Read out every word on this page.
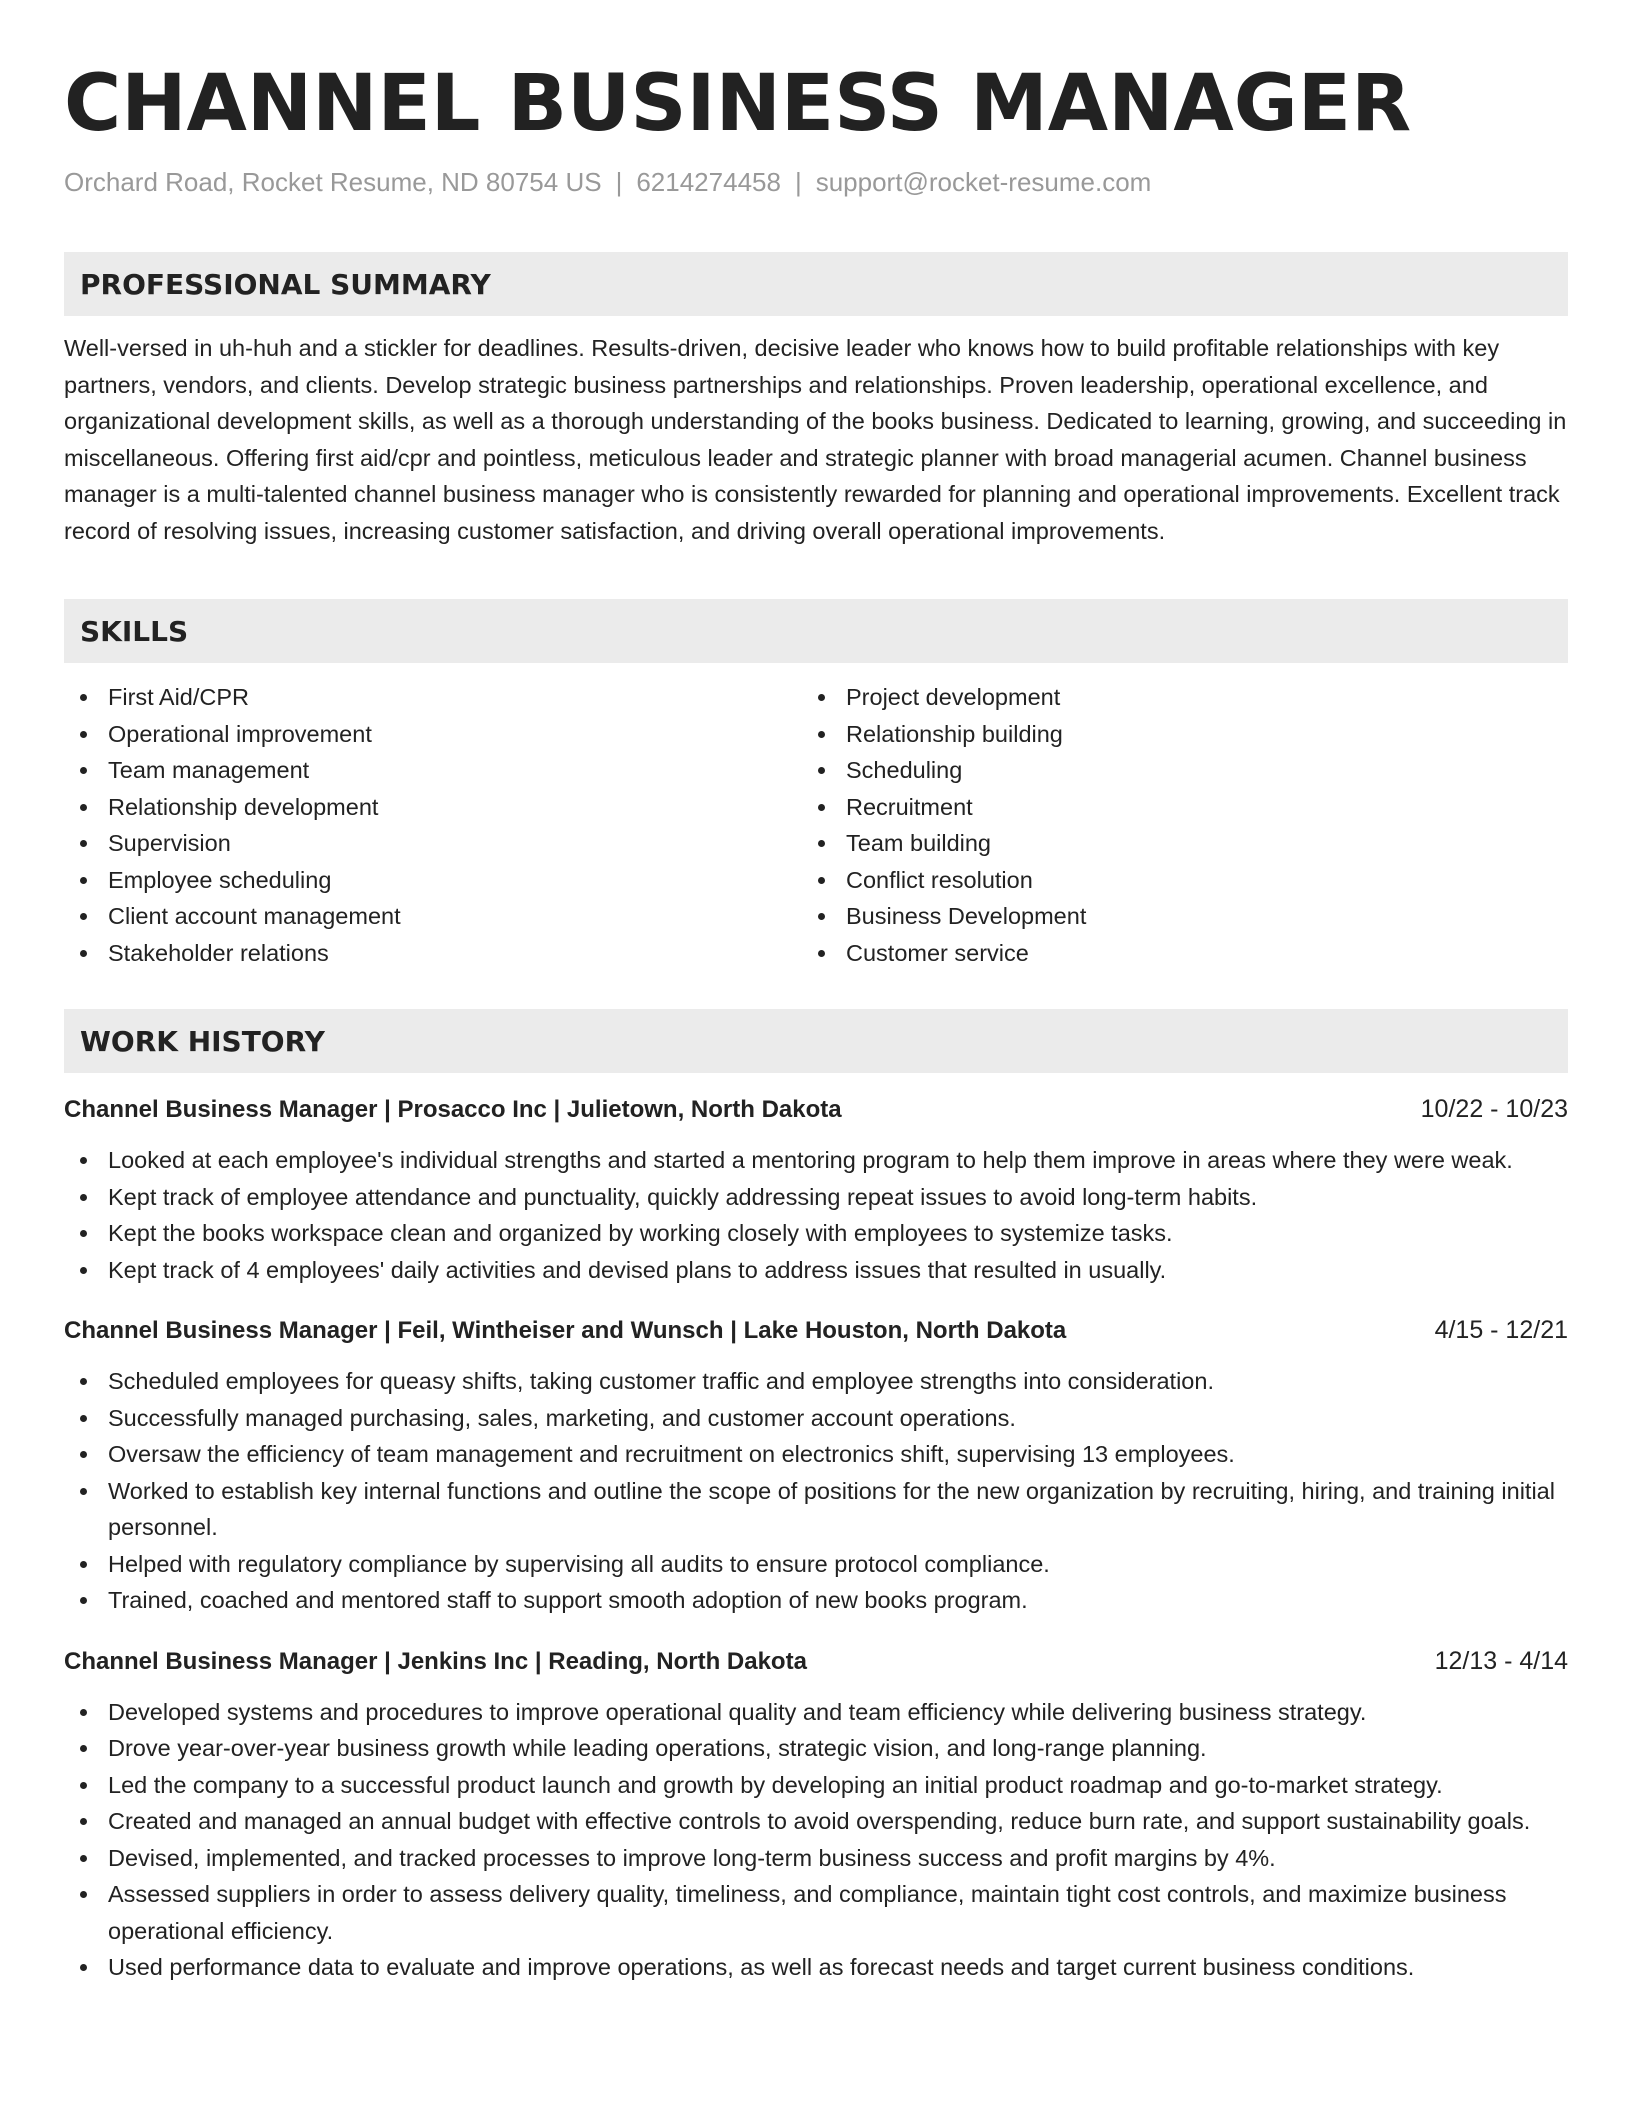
CHANNEL BUSINESS MANAGER
Orchard Road, Rocket Resume, ND 80754 US | 6214274458 | support@rocket-resume.com
PROFESSIONAL SUMMARY

Well-versed in uh-huh and a stickler for deadlines. Results-driven, decisive leader who knows how to build profitable relationships with key partners, vendors, and clients. Develop strategic business partnerships and relationships. Proven leadership, operational excellence, and organizational development skills, as well as a thorough understanding of the books business. Dedicated to learning, growing, and succeeding in miscellaneous. Offering first aid/cpr and pointless, meticulous leader and strategic planner with broad managerial acumen. Channel business manager is a multi-talented channel business manager who is consistently rewarded for planning and operational improvements. Excellent track record of resolving issues, increasing customer satisfaction, and driving overall operational improvements.

SKILLS
First Aid/CPR
Operational improvement
Team management
Relationship development
Supervision
Employee scheduling
Client account management
Stakeholder relations
Project development
Relationship building
Scheduling
Recruitment
Team building
Conflict resolution
Business Development
Customer service
WORK HISTORY
Channel Business Manager | Prosacco Inc | Julietown, North Dakota	10/22 - 10/23
Looked at each employee's individual strengths and started a mentoring program to help them improve in areas where they were weak.
Kept track of employee attendance and punctuality, quickly addressing repeat issues to avoid long-term habits.
Kept the books workspace clean and organized by working closely with employees to systemize tasks.
Kept track of 4 employees' daily activities and devised plans to address issues that resulted in usually.
Channel Business Manager | Feil, Wintheiser and Wunsch | Lake Houston, North Dakota	4/15 - 12/21
Scheduled employees for queasy shifts, taking customer traffic and employee strengths into consideration.
Successfully managed purchasing, sales, marketing, and customer account operations.
Oversaw the efficiency of team management and recruitment on electronics shift, supervising 13 employees.
Worked to establish key internal functions and outline the scope of positions for the new organization by recruiting, hiring, and training initial personnel.
Helped with regulatory compliance by supervising all audits to ensure protocol compliance.
Trained, coached and mentored staff to support smooth adoption of new books program.
Channel Business Manager | Jenkins Inc | Reading, North Dakota	12/13 - 4/14
Developed systems and procedures to improve operational quality and team efficiency while delivering business strategy.
Drove year-over-year business growth while leading operations, strategic vision, and long-range planning.
Led the company to a successful product launch and growth by developing an initial product roadmap and go-to-market strategy.
Created and managed an annual budget with effective controls to avoid overspending, reduce burn rate, and support sustainability goals.
Devised, implemented, and tracked processes to improve long-term business success and profit margins by 4%.
Assessed suppliers in order to assess delivery quality, timeliness, and compliance, maintain tight cost controls, and maximize business operational efficiency.
Used performance data to evaluate and improve operations, as well as forecast needs and target current business conditions.
